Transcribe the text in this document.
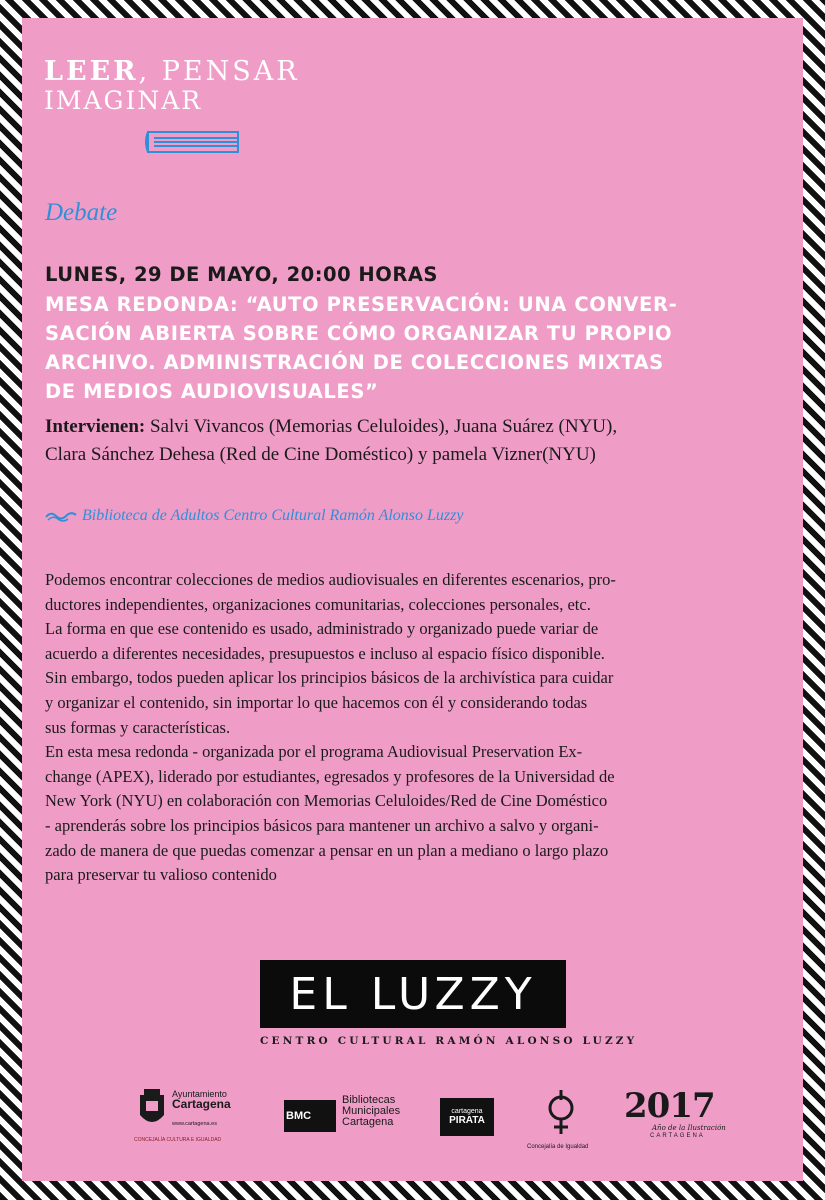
LEER, PENSAR
IMAGINAR
Debate
LUNES, 29 DE MAYO, 20:00 HORAS
MESA REDONDA: “AUTO PRESERVACIÓN: UNA CONVER-
SACIÓN ABIERTA SOBRE CÓMO ORGANIZAR TU PROPIO
ARCHIVO. ADMINISTRACIÓN DE COLECCIONES MIXTAS
DE MEDIOS AUDIOVISUALES”
Intervienen: Salvi Vivancos (Memorias Celuloides), Juana Suárez (NYU),
Clara Sánchez Dehesa (Red de Cine Doméstico) y pamela Vizner(NYU)
Biblioteca de Adultos Centro Cultural Ramón Alonso Luzzy
Podemos encontrar colecciones de medios audiovisuales en diferentes escenarios, pro-
ductores independientes, organizaciones comunitarias, colecciones personales, etc.
La forma en que ese contenido es usado, administrado y organizado puede variar de
acuerdo a diferentes necesidades, presupuestos e incluso al espacio físico disponible.
Sin embargo, todos pueden aplicar los principios básicos de la archivística para cuidar
y organizar el contenido, sin importar lo que hacemos con él y considerando todas
sus formas y características.
En esta mesa redonda - organizada por el programa Audiovisual Preservation Ex-
change (APEX), liderado por estudiantes, egresados y profesores de la Universidad de
New York (NYU) en colaboración con Memorias Celuloides/Red de Cine Doméstico
- aprenderás sobre los principios básicos para mantener un archivo a salvo y organi-
zado de manera de que puedas comenzar a pensar en un plan a mediano o largo plazo
para preservar tu valioso contenido
EL LUZZY
CENTRO CULTURAL RAMÓN ALONSO LUZZY
Ayuntamiento
Cartagena
www.cartagena.es
CONCEJALÍA CULTURA E IGUALDAD
BMC
Bibliotecas
Municipales
Cartagena
cartagena
PIRATA
Concejalía de Igualdad
2017
Año de la Ilustración
CARTAGENA
